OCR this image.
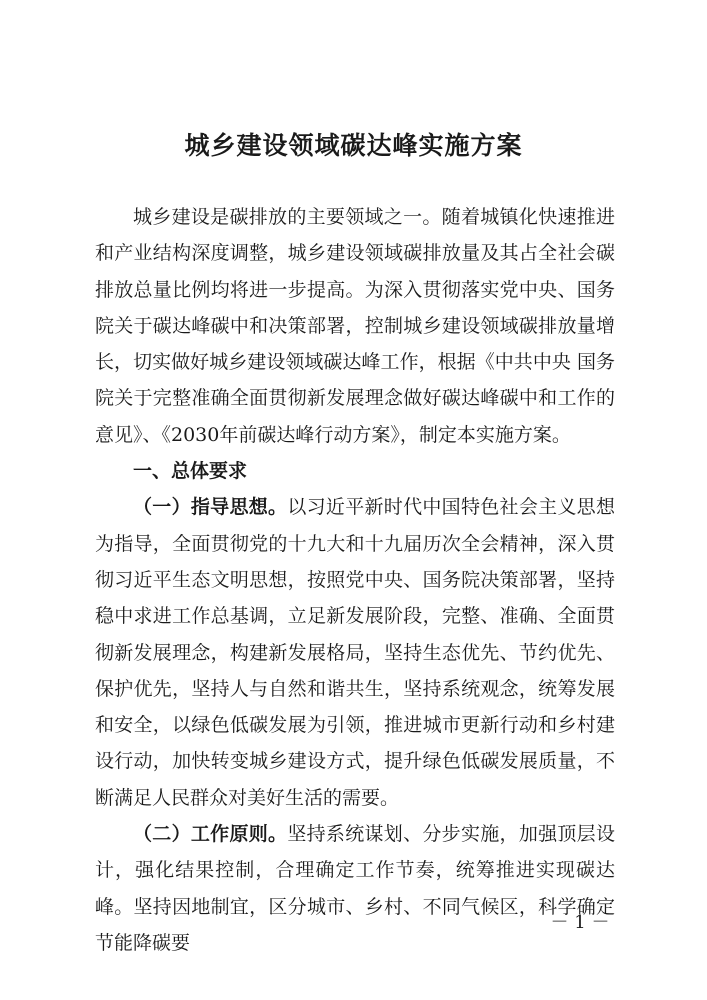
城乡建设领域碳达峰实施方案

城乡建设是碳排放的主要领域之一。随着城镇化快速推进和产业结构深度调整，城乡建设领域碳排放量及其占全社会碳排放总量比例均将进一步提高。为深入贯彻落实党中央、国务院关于碳达峰碳中和决策部署，控制城乡建设领域碳排放量增长，切实做好城乡建设领域碳达峰工作，根据《中共中央 国务院关于完整准确全面贯彻新发展理念做好碳达峰碳中和工作的意见》、《2030年前碳达峰行动方案》，制定本实施方案。

一、总体要求

（一）指导思想。以习近平新时代中国特色社会主义思想为指导，全面贯彻党的十九大和十九届历次全会精神，深入贯彻习近平生态文明思想，按照党中央、国务院决策部署，坚持稳中求进工作总基调，立足新发展阶段，完整、准确、全面贯彻新发展理念，构建新发展格局，坚持生态优先、节约优先、保护优先，坚持人与自然和谐共生，坚持系统观念，统筹发展和安全，以绿色低碳发展为引领，推进城市更新行动和乡村建设行动，加快转变城乡建设方式，提升绿色低碳发展质量，不断满足人民群众对美好生活的需要。

（二）工作原则。坚持系统谋划、分步实施，加强顶层设计，强化结果控制，合理确定工作节奏，统筹推进实现碳达峰。坚持因地制宜，区分城市、乡村、不同气候区，科学确定节能降碳要

－ 1 －
